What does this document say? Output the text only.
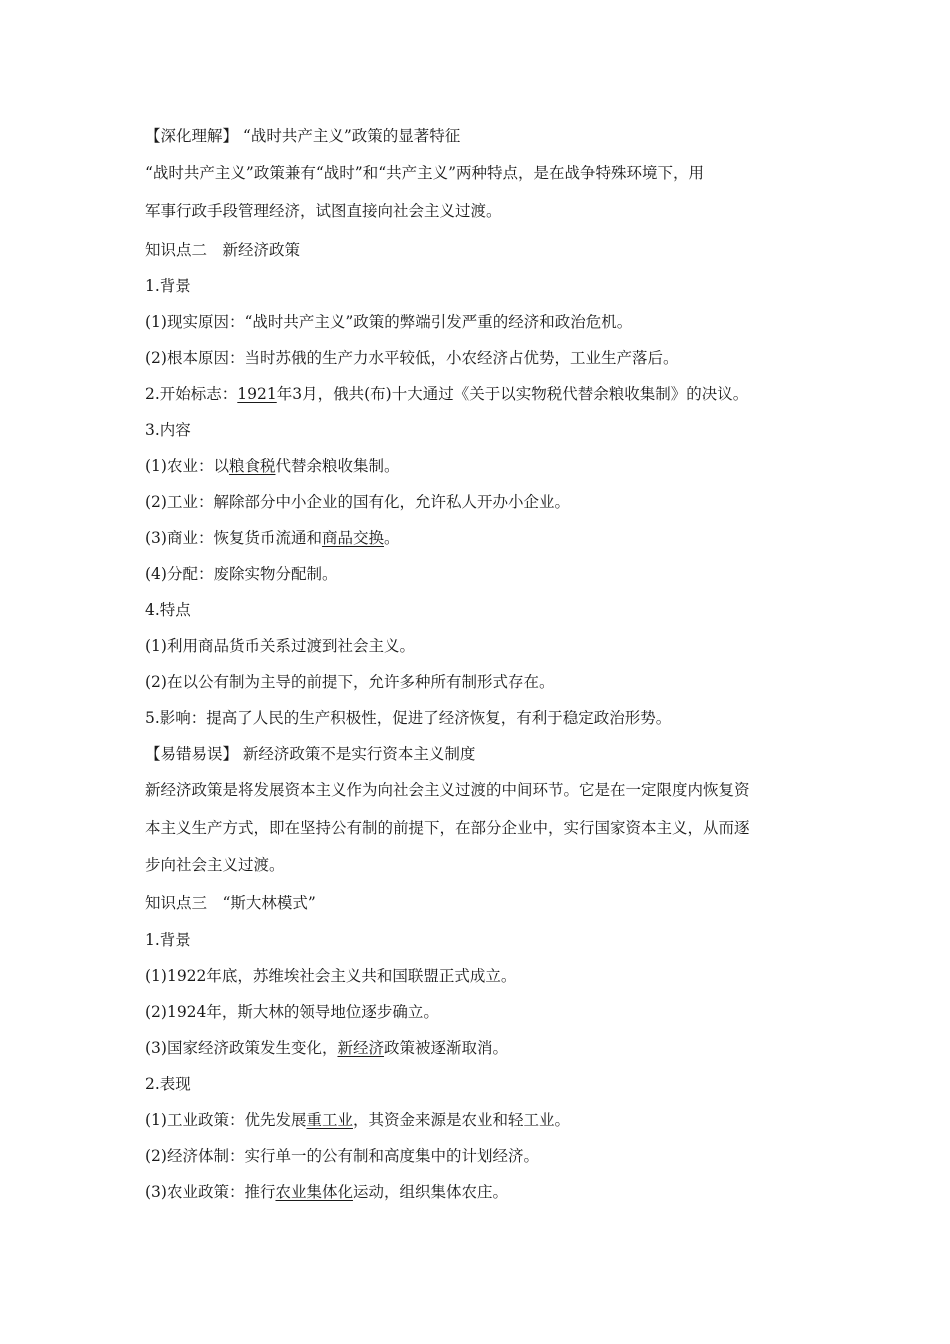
【深化理解】 “战时共产主义”政策的显著特征
“战时共产主义”政策兼有“战时”和“共产主义”两种特点，是在战争特殊环境下，用
军事行政手段管理经济，试图直接向社会主义过渡。
知识点二　新经济政策
1.背景
(1)现实原因：“战时共产主义”政策的弊端引发严重的经济和政治危机。
(2)根本原因：当时苏俄的生产力水平较低，小农经济占优势，工业生产落后。
2.开始标志：1921年3月，俄共(布)十大通过《关于以实物税代替余粮收集制》的决议。
3.内容
(1)农业：以粮食税代替余粮收集制。
(2)工业：解除部分中小企业的国有化，允许私人开办小企业。
(3)商业：恢复货币流通和商品交换。
(4)分配：废除实物分配制。
4.特点
(1)利用商品货币关系过渡到社会主义。
(2)在以公有制为主导的前提下，允许多种所有制形式存在。
5.影响：提高了人民的生产积极性，促进了经济恢复，有利于稳定政治形势。
【易错易误】 新经济政策不是实行资本主义制度
新经济政策是将发展资本主义作为向社会主义过渡的中间环节。它是在一定限度内恢复资
本主义生产方式，即在坚持公有制的前提下，在部分企业中，实行国家资本主义，从而逐
步向社会主义过渡。
知识点三　“斯大林模式”
1.背景
(1)1922年底，苏维埃社会主义共和国联盟正式成立。
(2)1924年，斯大林的领导地位逐步确立。
(3)国家经济政策发生变化，新经济政策被逐渐取消。
2.表现
(1)工业政策：优先发展重工业，其资金来源是农业和轻工业。
(2)经济体制：实行单一的公有制和高度集中的计划经济。
(3)农业政策：推行农业集体化运动，组织集体农庄。
